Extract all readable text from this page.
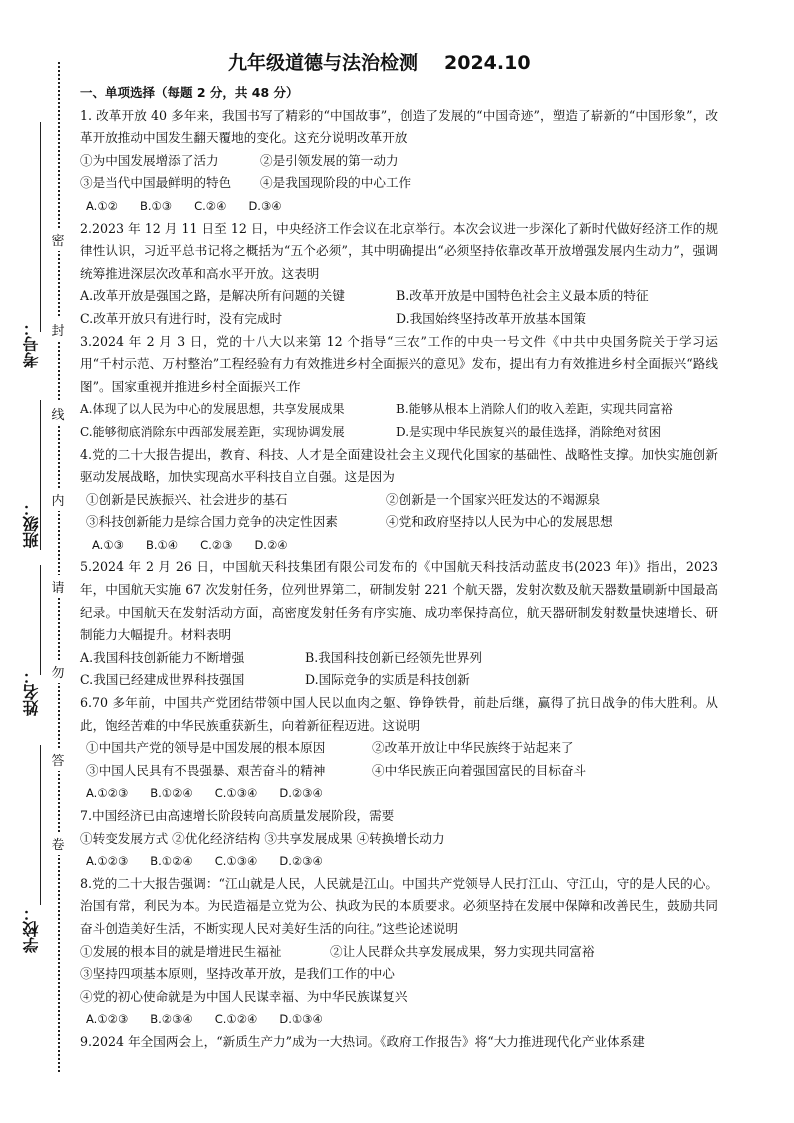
考号：
班级：
姓名：
学校：
密
封
线
内
请
勿
答
卷
九年级道德与法治检测 2024.10
一、单项选择（每题 2 分，共 48 分）
1. 改革开放 40 多年来，我国书写了精彩的“中国故事”，创造了发展的“中国奇迹”，塑造了崭新的“中国形象”，改革开放推动中国发生翻天覆地的变化。这充分说明改革开放
①为中国发展增添了活力	②是引领发展的第一动力
③是当代中国最鲜明的特色	④是我国现阶段的中心工作
A.①② B.①③ C.②④ D.③④
2.2023 年 12 月 11 日至 12 日，中央经济工作会议在北京举行。本次会议进一步深化了新时代做好经济工作的规律性认识，习近平总书记将之概括为“五个必须”，其中明确提出“必须坚持依靠改革开放增强发展内生动力”，强调统筹推进深层次改革和高水平开放。这表明
A.改革开放是强国之路，是解决所有问题的关键	B.改革开放是中国特色社会主义最本质的特征
C.改革开放只有进行时，没有完成时	D.我国始终坚持改革开放基本国策
3.2024 年 2 月 3 日，党的十八大以来第 12 个指导“三农”工作的中央一号文件《中共中央国务院关于学习运用“千村示范、万村整治”工程经验有力有效推进乡村全面振兴的意见》发布，提出有力有效推进乡村全面振兴“路线图”。国家重视并推进乡村全面振兴工作
A.体现了以人民为中心的发展思想，共享发展成果	B.能够从根本上消除人们的收入差距，实现共同富裕
C.能够彻底消除东中西部发展差距，实现协调发展	D.是实现中华民族复兴的最佳选择，消除绝对贫困
4.党的二十大报告提出，教育、科技、人才是全面建设社会主义现代化国家的基础性、战略性支撑。加快实施创新驱动发展战略，加快实现高水平科技自立自强。这是因为
①创新是民族振兴、社会进步的基石	②创新是一个国家兴旺发达的不竭源泉
③科技创新能力是综合国力竞争的决定性因素	④党和政府坚持以人民为中心的发展思想
A.①③ B.①④ C.②③ D.②④
5.2024 年 2 月 26 日，中国航天科技集团有限公司发布的《中国航天科技活动蓝皮书(2023 年)》指出，2023 年，中国航天实施 67 次发射任务，位列世界第二，研制发射 221 个航天器，发射次数及航天器数量刷新中国最高纪录。中国航天在发射活动方面，高密度发射任务有序实施、成功率保持高位，航天器研制发射数量快速增长、研制能力大幅提升。材料表明
A.我国科技创新能力不断增强	B.我国科技创新已经领先世界列
C.我国已经建成世界科技强国	D.国际竞争的实质是科技创新
6.70 多年前，中国共产党团结带领中国人民以血肉之躯、铮铮铁骨，前赴后继，赢得了抗日战争的伟大胜利。从此，饱经苦难的中华民族重获新生，向着新征程迈进。这说明
①中国共产党的领导是中国发展的根本原因	②改革开放让中华民族终于站起来了
③中国人民具有不畏强暴、艰苦奋斗的精神	④中华民族正向着强国富民的目标奋斗
A.①②③ B.①②④ C.①③④ D.②③④
7.中国经济已由高速增长阶段转向高质量发展阶段，需要
①转变发展方式 ②优化经济结构 ③共享发展成果 ④转换增长动力
A.①②③ B.①②④ C.①③④ D.②③④
8.党的二十大报告强调：“江山就是人民，人民就是江山。中国共产党领导人民打江山、守江山，守的是人民的心。治国有常，利民为本。为民造福是立党为公、执政为民的本质要求。必须坚持在发展中保障和改善民生，鼓励共同奋斗创造美好生活，不断实现人民对美好生活的向往。”这些论述说明
①发展的根本目的就是增进民生福祉	②让人民群众共享发展成果，努力实现共同富裕
③坚持四项基本原则，坚持改革开放，是我们工作的中心
④党的初心使命就是为中国人民谋幸福、为中华民族谋复兴
A.①②③ B.②③④ C.①②④ D.①③④
9.2024 年全国两会上，“新质生产力”成为一大热词。《政府工作报告》将“大力推进现代化产业体系建
